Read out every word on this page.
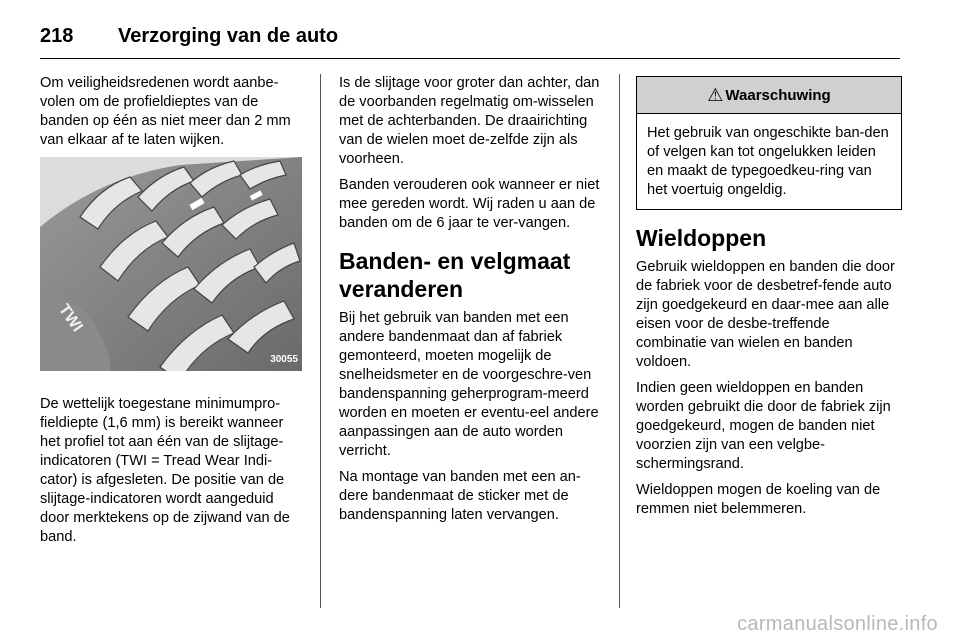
218	Verzorging van de auto

Om veiligheidsredenen wordt aanbe-volen om de profieldieptes van de banden op één as niet meer dan 2 mm van elkaar af te laten wijken.

TWI
30055

De wettelijk toegestane minimumpro-fieldiepte (1,6 mm) is bereikt wanneer het profiel tot aan één van de slijtage-indicatoren (TWI = Tread Wear Indi-cator) is afgesleten. De positie van de slijtage-indicatoren wordt aangeduid door merktekens op de zijwand van de band.

Is de slijtage voor groter dan achter, dan de voorbanden regelmatig om-wisselen met de achterbanden. De draairichting van de wielen moet de-zelfde zijn als voorheen.

Banden verouderen ook wanneer er niet mee gereden wordt. Wij raden u aan de banden om de 6 jaar te ver-vangen.

Banden- en velgmaat veranderen

Bij het gebruik van banden met een andere bandenmaat dan af fabriek gemonteerd, moeten mogelijk de snelheidsmeter en de voorgeschre-ven bandenspanning geherprogram-meerd worden en moeten er eventu-eel andere aanpassingen aan de auto worden verricht.

Na montage van banden met een an-dere bandenmaat de sticker met de bandenspanning laten vervangen.

⚠ Waarschuwing
Het gebruik van ongeschikte ban-den of velgen kan tot ongelukken leiden en maakt de typegoedkeu-ring van het voertuig ongeldig.
Wieldoppen

Gebruik wieldoppen en banden die door de fabriek voor de desbetref-fende auto zijn goedgekeurd en daar-mee aan alle eisen voor de desbe-treffende combinatie van wielen en banden voldoen.

Indien geen wieldoppen en banden worden gebruikt die door de fabriek zijn goedgekeurd, mogen de banden niet voorzien zijn van een velgbe-schermingsrand.

Wieldoppen mogen de koeling van de remmen niet belemmeren.

carmanualsonline.info
